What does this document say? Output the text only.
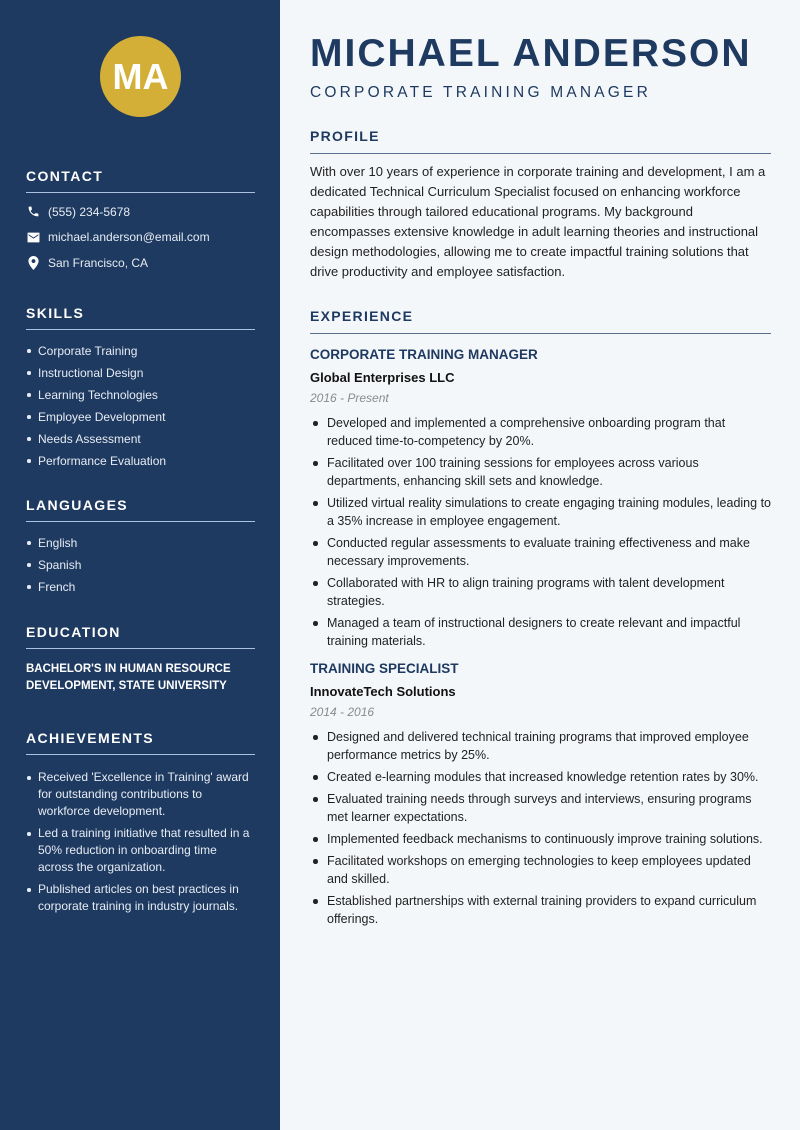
MA
CONTACT
(555) 234-5678
michael.anderson@email.com
San Francisco, CA
SKILLS
Corporate Training
Instructional Design
Learning Technologies
Employee Development
Needs Assessment
Performance Evaluation
LANGUAGES
English
Spanish
French
EDUCATION
BACHELOR'S IN HUMAN RESOURCE DEVELOPMENT, STATE UNIVERSITY
ACHIEVEMENTS
Received 'Excellence in Training' award for outstanding contributions to workforce development.
Led a training initiative that resulted in a 50% reduction in onboarding time across the organization.
Published articles on best practices in corporate training in industry journals.
MICHAEL ANDERSON
CORPORATE TRAINING MANAGER
PROFILE

With over 10 years of experience in corporate training and development, I am a dedicated Technical Curriculum Specialist focused on enhancing workforce capabilities through tailored educational programs. My background encompasses extensive knowledge in adult learning theories and instructional design methodologies, allowing me to create impactful training solutions that drive productivity and employee satisfaction.

EXPERIENCE
CORPORATE TRAINING MANAGER
Global Enterprises LLC
2016 - Present
Developed and implemented a comprehensive onboarding program that reduced time-to-competency by 20%.
Facilitated over 100 training sessions for employees across various departments, enhancing skill sets and knowledge.
Utilized virtual reality simulations to create engaging training modules, leading to a 35% increase in employee engagement.
Conducted regular assessments to evaluate training effectiveness and make necessary improvements.
Collaborated with HR to align training programs with talent development strategies.
Managed a team of instructional designers to create relevant and impactful training materials.
TRAINING SPECIALIST
InnovateTech Solutions
2014 - 2016
Designed and delivered technical training programs that improved employee performance metrics by 25%.
Created e-learning modules that increased knowledge retention rates by 30%.
Evaluated training needs through surveys and interviews, ensuring programs met learner expectations.
Implemented feedback mechanisms to continuously improve training solutions.
Facilitated workshops on emerging technologies to keep employees updated and skilled.
Established partnerships with external training providers to expand curriculum offerings.
